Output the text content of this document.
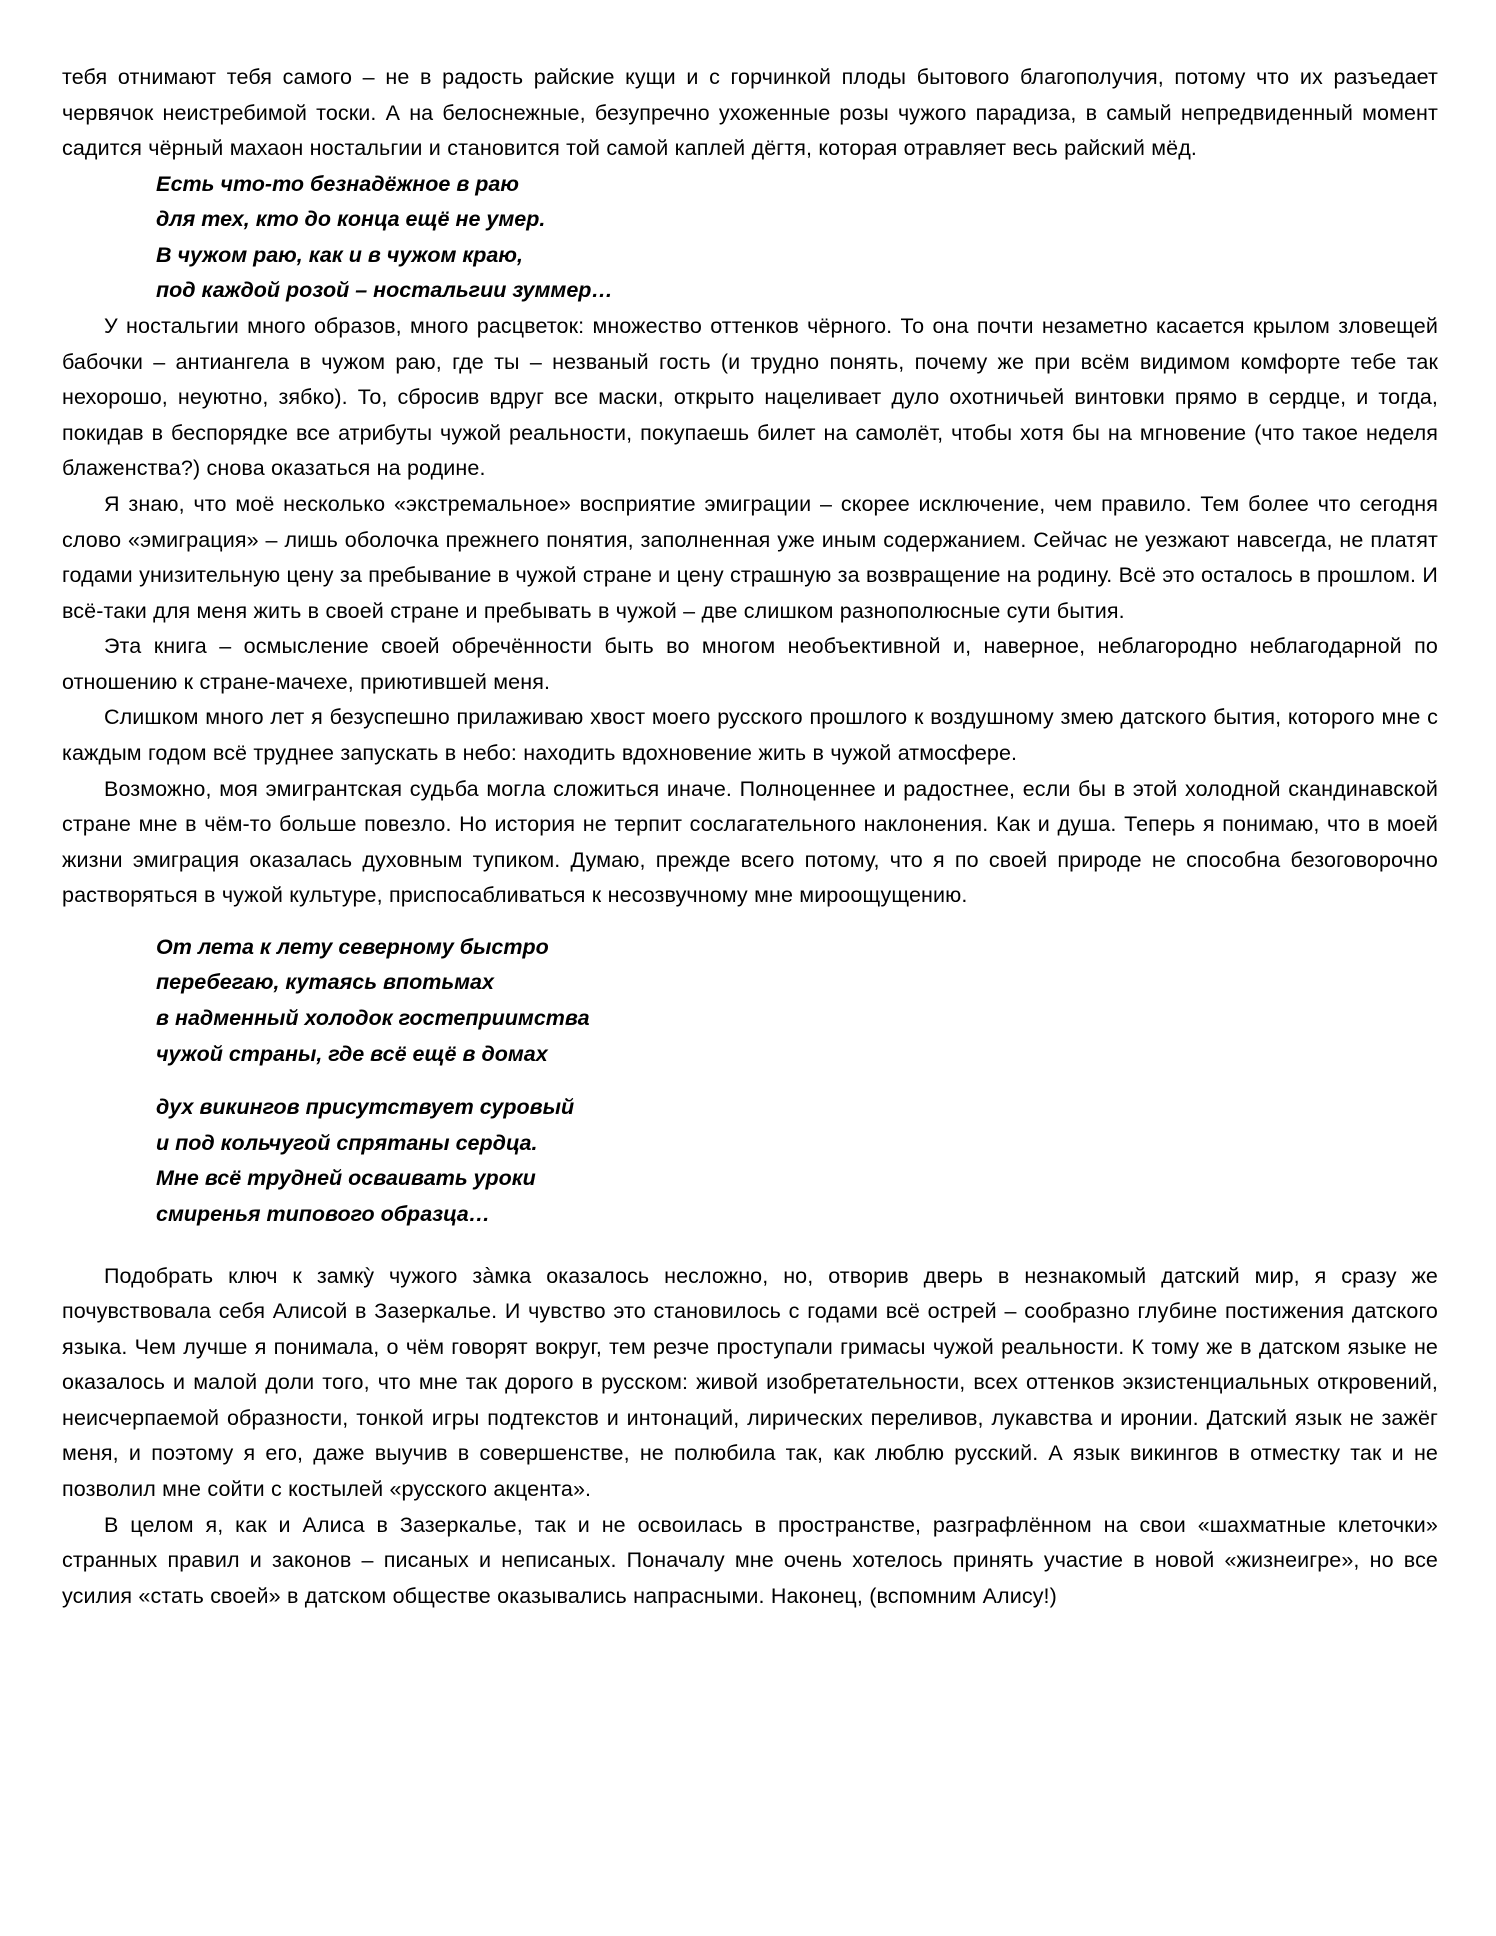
тебя отнимают тебя самого – не в радость райские кущи и с горчинкой плоды бытового благополучия, потому что их разъедает червячок неистребимой тоски. А на белоснежные, безупречно ухоженные розы чужого парадиза, в самый непредвиденный момент садится чёрный махаон ностальгии и становится той самой каплей дёгтя, которая отравляет весь райский мёд.

Есть что-то безнадёжное в раю
для тех, кто до конца ещё не умер.
В чужом раю, как и в чужом краю,
под каждой розой – ностальгии зуммер…

У ностальгии много образов, много расцветок: множество оттенков чёрного. То она почти незаметно касается крылом зловещей бабочки – антиангела в чужом раю, где ты – незваный гость (и трудно понять, почему же при всём видимом комфорте тебе так нехорошо, неуютно, зябко). То, сбросив вдруг все маски, открыто нацеливает дуло охотничьей винтовки прямо в сердце, и тогда, покидав в беспорядке все атрибуты чужой реальности, покупаешь билет на самолёт, чтобы хотя бы на мгновение (что такое неделя блаженства?) снова оказаться на родине.

Я знаю, что моё несколько «экстремальное» восприятие эмиграции – скорее исключение, чем правило. Тем более что сегодня слово «эмиграция» – лишь оболочка прежнего понятия, заполненная уже иным содержанием. Сейчас не уезжают навсегда, не платят годами унизительную цену за пребывание в чужой стране и цену страшную за возвращение на родину. Всё это осталось в прошлом. И всё-таки для меня жить в своей стране и пребывать в чужой – две слишком разнополюсные сути бытия.

Эта книга – осмысление своей обречённости быть во многом необъективной и, наверное, неблагородно неблагодарной по отношению к стране-мачехе, приютившей меня.

Слишком много лет я безуспешно прилаживаю хвост моего русского прошлого к воздушному змею датского бытия, которого мне с каждым годом всё труднее запускать в небо: находить вдохновение жить в чужой атмосфере.

Возможно, моя эмигрантская судьба могла сложиться иначе. Полноценнее и радостнее, если бы в этой холодной скандинавской стране мне в чём-то больше повезло. Но история не терпит сослагательного наклонения. Как и душа. Теперь я понимаю, что в моей жизни эмиграция оказалась духовным тупиком. Думаю, прежде всего потому, что я по своей природе не способна безоговорочно растворяться в чужой культуре, приспосабливаться к несозвучному мне мироощущению.

От лета к лету северному быстро
перебегаю, кутаясь впотьмах
в надменный холодок гостеприимства
чужой страны, где всё ещё в домах
дух викингов присутствует суровый
и под кольчугой спрятаны сердца.
Мне всё трудней осваивать уроки
смиренья типового образца…

Подобрать ключ к замкỳ чужого зàмка оказалось несложно, но, отворив дверь в незнакомый датский мир, я сразу же почувствовала себя Алисой в Зазеркалье. И чувство это становилось с годами всё острей – сообразно глубине постижения датского языка. Чем лучше я понимала, о чём говорят вокруг, тем резче проступали гримасы чужой реальности. К тому же в датском языке не оказалось и малой доли того, что мне так дорого в русском: живой изобретательности, всех оттенков экзистенциальных откровений, неисчерпаемой образности, тонкой игры подтекстов и интонаций, лирических переливов, лукавства и иронии. Датский язык не зажёг меня, и поэтому я его, даже выучив в совершенстве, не полюбила так, как люблю русский. А язык викингов в отместку так и не позволил мне сойти с костылей «русского акцента».

В целом я, как и Алиса в Зазеркалье, так и не освоилась в пространстве, разграфлённом на свои «шахматные клеточки» странных правил и законов – писаных и неписаных. Поначалу мне очень хотелось принять участие в новой «жизнеигре», но все усилия «стать своей» в датском обществе оказывались напрасными. Наконец, (вспомним Алису!)
